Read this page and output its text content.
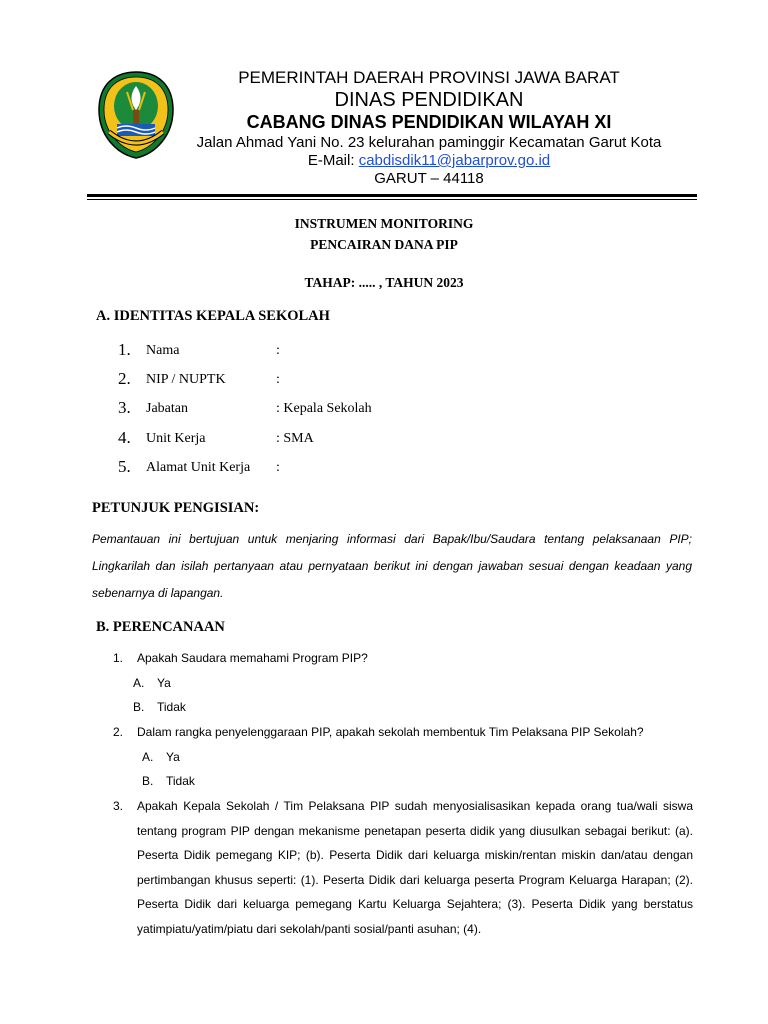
PEMERINTAH DAERAH PROVINSI JAWA BARAT
DINAS PENDIDIKAN
CABANG DINAS PENDIDIKAN WILAYAH XI
Jalan Ahmad Yani No. 23 kelurahan paminggir Kecamatan Garut Kota
E-Mail: cabdisdik11@jabarprov.go.id
GARUT – 44118
INSTRUMEN MONITORING
PENCAIRAN DANA PIP
TAHAP: ..... , TAHUN 2023
A. IDENTITAS KEPALA SEKOLAH
1. Nama	:
2. NIP / NUPTK	:
3. Jabatan	: Kepala Sekolah
4. Unit Kerja	: SMA
5. Alamat Unit Kerja :
PETUNJUK PENGISIAN:
Pemantauan ini bertujuan untuk menjaring informasi dari Bapak/Ibu/Saudara tentang pelaksanaan PIP; Lingkarilah dan isilah pertanyaan atau pernyataan berikut ini dengan jawaban sesuai dengan keadaan yang sebenarnya di lapangan.
B. PERENCANAAN
1. Apakah Saudara memahami Program PIP?
A. Ya
B. Tidak
2. Dalam rangka penyelenggaraan PIP, apakah sekolah membentuk Tim Pelaksana PIP Sekolah?
A. Ya
B. Tidak
3. Apakah Kepala Sekolah / Tim Pelaksana PIP sudah menyosialisasikan kepada orang tua/wali siswa tentang program PIP dengan mekanisme penetapan peserta didik yang diusulkan sebagai berikut: (a). Peserta Didik pemegang KIP; (b). Peserta Didik dari keluarga miskin/rentan miskin dan/atau dengan pertimbangan khusus seperti: (1). Peserta Didik dari keluarga peserta Program Keluarga Harapan; (2). Peserta Didik dari keluarga pemegang Kartu Keluarga Sejahtera; (3). Peserta Didik yang berstatus yatimpiatu/yatim/piatu dari sekolah/panti sosial/panti asuhan; (4).
